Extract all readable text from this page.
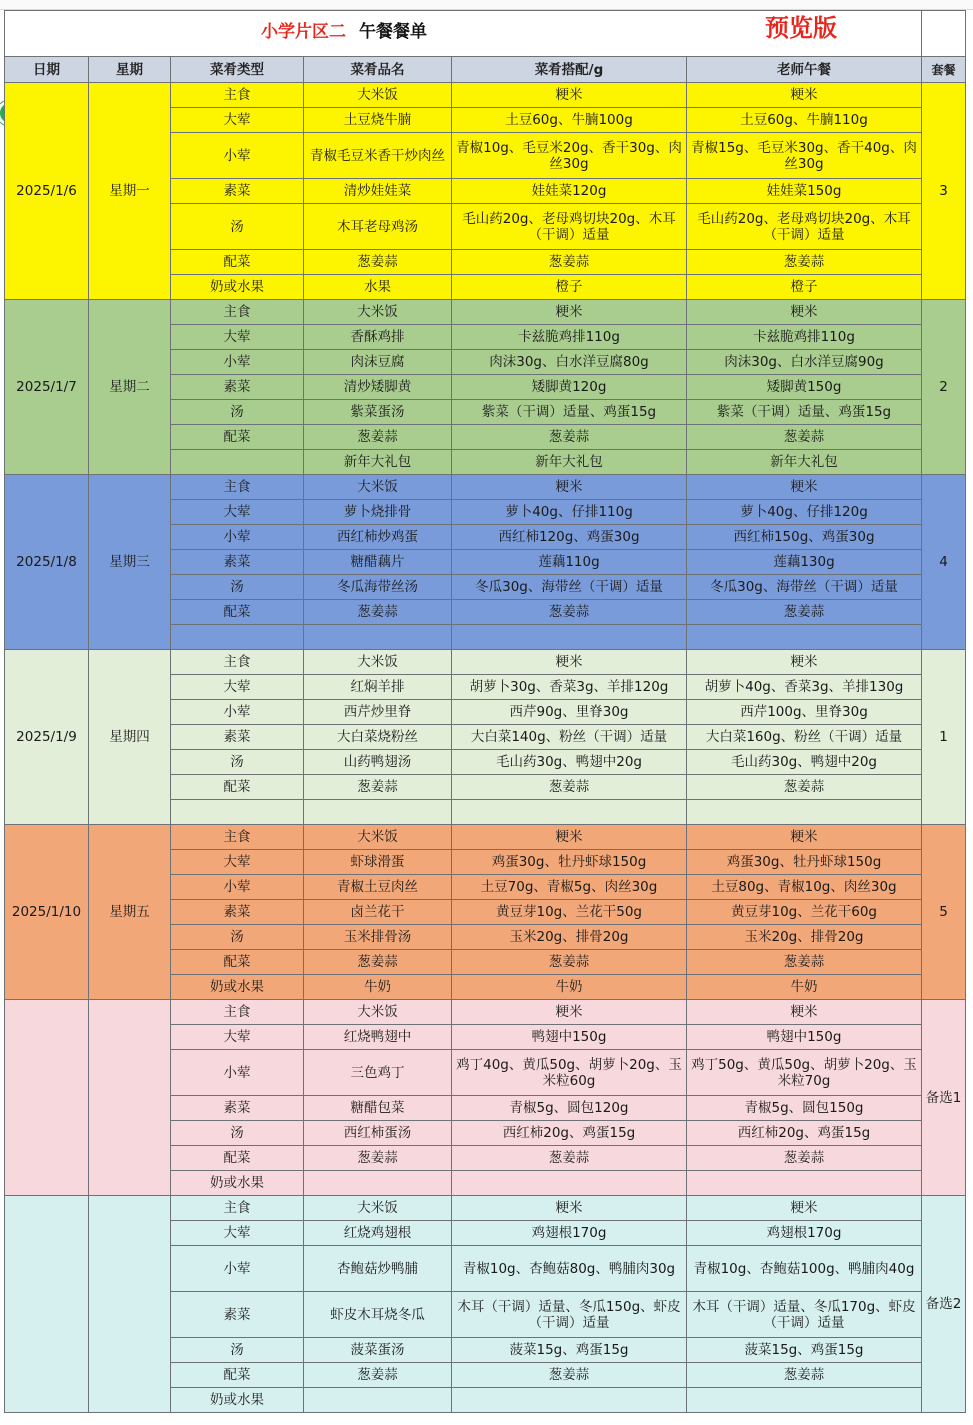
小学片区二 午餐餐单 预览版						

日期	星期	菜肴类型	菜肴品名	菜肴搭配/g	老师午餐	套餐
2025/1/6	星期一	主食	大米饭	粳米	粳米	3
		大荤	土豆烧牛腩	土豆60g、牛腩100g	土豆60g、牛腩110g	
		小荤	青椒毛豆米香干炒肉丝	青椒10g、毛豆米20g、香干30g、肉丝30g	青椒15g、毛豆米30g、香干40g、肉丝30g	
		素菜	清炒娃娃菜	娃娃菜120g	娃娃菜150g	
		汤	木耳老母鸡汤	毛山药20g、老母鸡切块20g、木耳（干调）适量	毛山药20g、老母鸡切块20g、木耳（干调）适量	
		配菜	葱姜蒜	葱姜蒜	葱姜蒜	
		奶或水果	水果	橙子	橙子	
2025/1/7	星期二	主食	大米饭	粳米	粳米	2
		大荤	香酥鸡排	卡兹脆鸡排110g	卡兹脆鸡排110g	
		小荤	肉沫豆腐	肉沫30g、白水洋豆腐80g	肉沫30g、白水洋豆腐90g	
		素菜	清炒矮脚黄	矮脚黄120g	矮脚黄150g	
		汤	紫菜蛋汤	紫菜（干调）适量、鸡蛋15g	紫菜（干调）适量、鸡蛋15g	
		配菜	葱姜蒜	葱姜蒜	葱姜蒜	
			新年大礼包	新年大礼包	新年大礼包	
2025/1/8	星期三	主食	大米饭	粳米	粳米	4
		大荤	萝卜烧排骨	萝卜40g、仔排110g	萝卜40g、仔排120g	
		小荤	西红柿炒鸡蛋	西红柿120g、鸡蛋30g	西红柿150g、鸡蛋30g	
		素菜	糖醋藕片	莲藕110g	莲藕130g	
		汤	冬瓜海带丝汤	冬瓜30g、海带丝（干调）适量	冬瓜30g、海带丝（干调）适量	
		配菜	葱姜蒜	葱姜蒜	葱姜蒜	

2025/1/9	星期四	主食	大米饭	粳米	粳米	1
		大荤	红焖羊排	胡萝卜30g、香菜3g、羊排120g	胡萝卜40g、香菜3g、羊排130g	
		小荤	西芹炒里脊	西芹90g、里脊30g	西芹100g、里脊30g	
		素菜	大白菜烧粉丝	大白菜140g、粉丝（干调）适量	大白菜160g、粉丝（干调）适量	
		汤	山药鸭翅汤	毛山药30g、鸭翅中20g	毛山药30g、鸭翅中20g	
		配菜	葱姜蒜	葱姜蒜	葱姜蒜	

2025/1/10	星期五	主食	大米饭	粳米	粳米	5
		大荤	虾球滑蛋	鸡蛋30g、牡丹虾球150g	鸡蛋30g、牡丹虾球150g	
		小荤	青椒土豆肉丝	土豆70g、青椒5g、肉丝30g	土豆80g、青椒10g、肉丝30g	
		素菜	卤兰花干	黄豆芽10g、兰花干50g	黄豆芽10g、兰花干60g	
		汤	玉米排骨汤	玉米20g、排骨20g	玉米20g、排骨20g	
		配菜	葱姜蒜	葱姜蒜	葱姜蒜	
		奶或水果	牛奶	牛奶	牛奶	
		主食	大米饭	粳米	粳米	备选1
		大荤	红烧鸭翅中	鸭翅中150g	鸭翅中150g	
		小荤	三色鸡丁	鸡丁40g、黄瓜50g、胡萝卜20g、玉米粒60g	鸡丁50g、黄瓜50g、胡萝卜20g、玉米粒70g	
		素菜	糖醋包菜	青椒5g、圆包120g	青椒5g、圆包150g	
		汤	西红柿蛋汤	西红柿20g、鸡蛋15g	西红柿20g、鸡蛋15g	
		配菜	葱姜蒜	葱姜蒜	葱姜蒜	
		奶或水果				
		主食	大米饭	粳米	粳米	备选2
		大荤	红烧鸡翅根	鸡翅根170g	鸡翅根170g	
		小荤	杏鲍菇炒鸭脯	青椒10g、杏鲍菇80g、鸭脯肉30g	青椒10g、杏鲍菇100g、鸭脯肉40g	
		素菜	虾皮木耳烧冬瓜	木耳（干调）适量、冬瓜150g、虾皮（干调）适量	木耳（干调）适量、冬瓜170g、虾皮（干调）适量	
		汤	菠菜蛋汤	菠菜15g、鸡蛋15g	菠菜15g、鸡蛋15g	
		配菜	葱姜蒜	葱姜蒜	葱姜蒜	
		奶或水果				
